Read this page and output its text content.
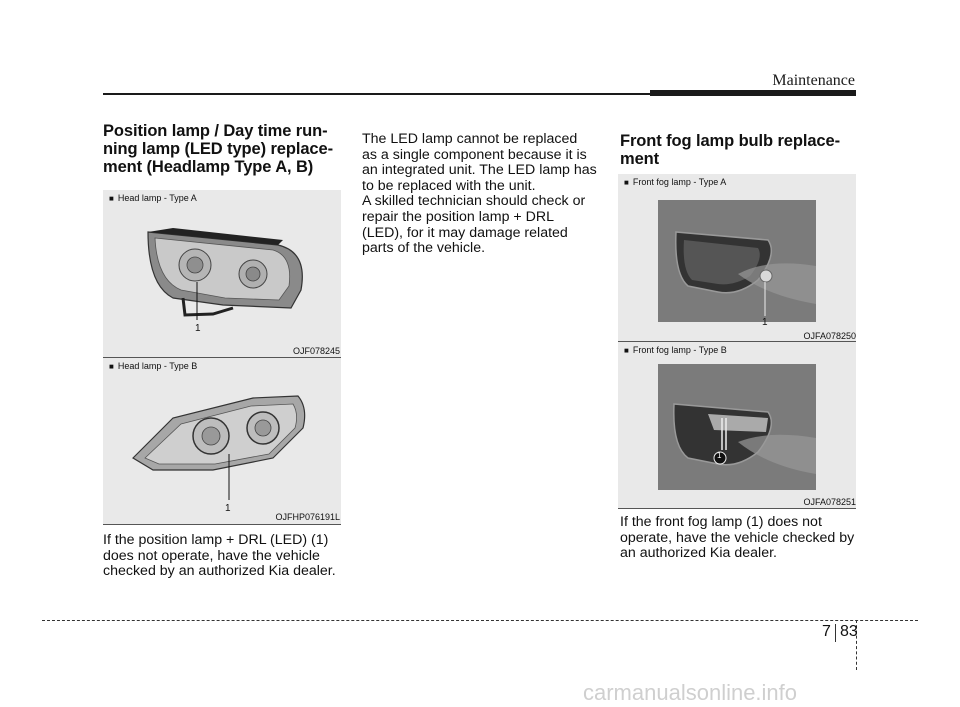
Maintenance
Position lamp / Day time run-
ning lamp (LED type) replace-
ment (Headlamp Type A, B)
■ Head lamp - Type A
1
OJF078245
■ Head lamp - Type B
1
OJFHP076191L

If the position lamp + DRL (LED) (1)
does not operate, have the vehicle
checked by an authorized Kia dealer.

The LED lamp cannot be replaced
as a single component because it is
an integrated unit. The LED lamp has
to be replaced with the unit.
A skilled technician should check or
repair the position lamp + DRL
(LED), for it may damage related
parts of the vehicle.

Front fog lamp bulb replace-
ment
■ Front fog lamp - Type A
1
OJFA078250
■ Front fog lamp - Type B
1
OJFA078251

If the front fog lamp (1) does not
operate, have the vehicle checked by
an authorized Kia dealer.

7 83
carmanualsonline.info
